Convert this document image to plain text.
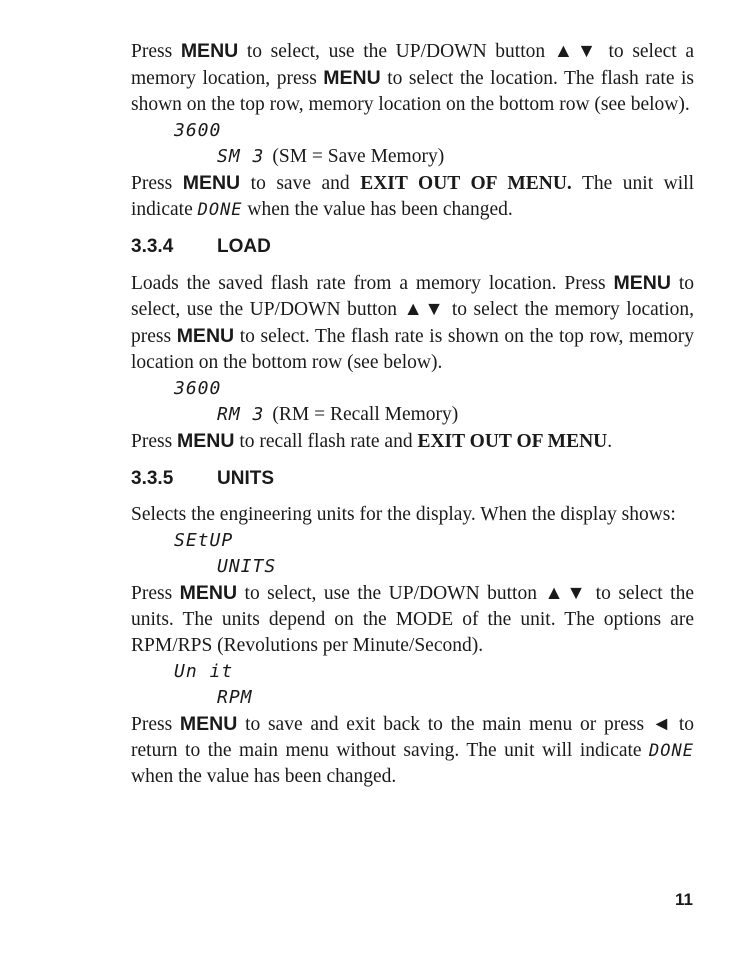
Press MENU to select, use the UP/DOWN button ▲▼ to select a memory location, press MENU to select the location. The flash rate is shown on the top row, memory location on the bottom row (see below).

3600
SM 3 (SM = Save Memory)

Press MENU to save and EXIT OUT OF MENU. The unit will indicate DONE when the value has been changed.

3.3.4 LOAD

Loads the saved flash rate from a memory location. Press MENU to select, use the UP/DOWN button ▲▼ to select the memory location, press MENU to select. The flash rate is shown on the top row, memory location on the bottom row (see below).

3600
RM 3 (RM = Recall Memory)

Press MENU to recall flash rate and EXIT OUT OF MENU.

3.3.5 UNITS

Selects the engineering units for the display. When the display shows:

SEtUP
UNITS

Press MENU to select, use the UP/DOWN button ▲▼ to select the units. The units depend on the MODE of the unit. The options are RPM/RPS (Revolutions per Minute/Second).

Un it
RPM

Press MENU to save and exit back to the main menu or press ◄ to return to the main menu without saving. The unit will indicate DONE when the value has been changed.

11
